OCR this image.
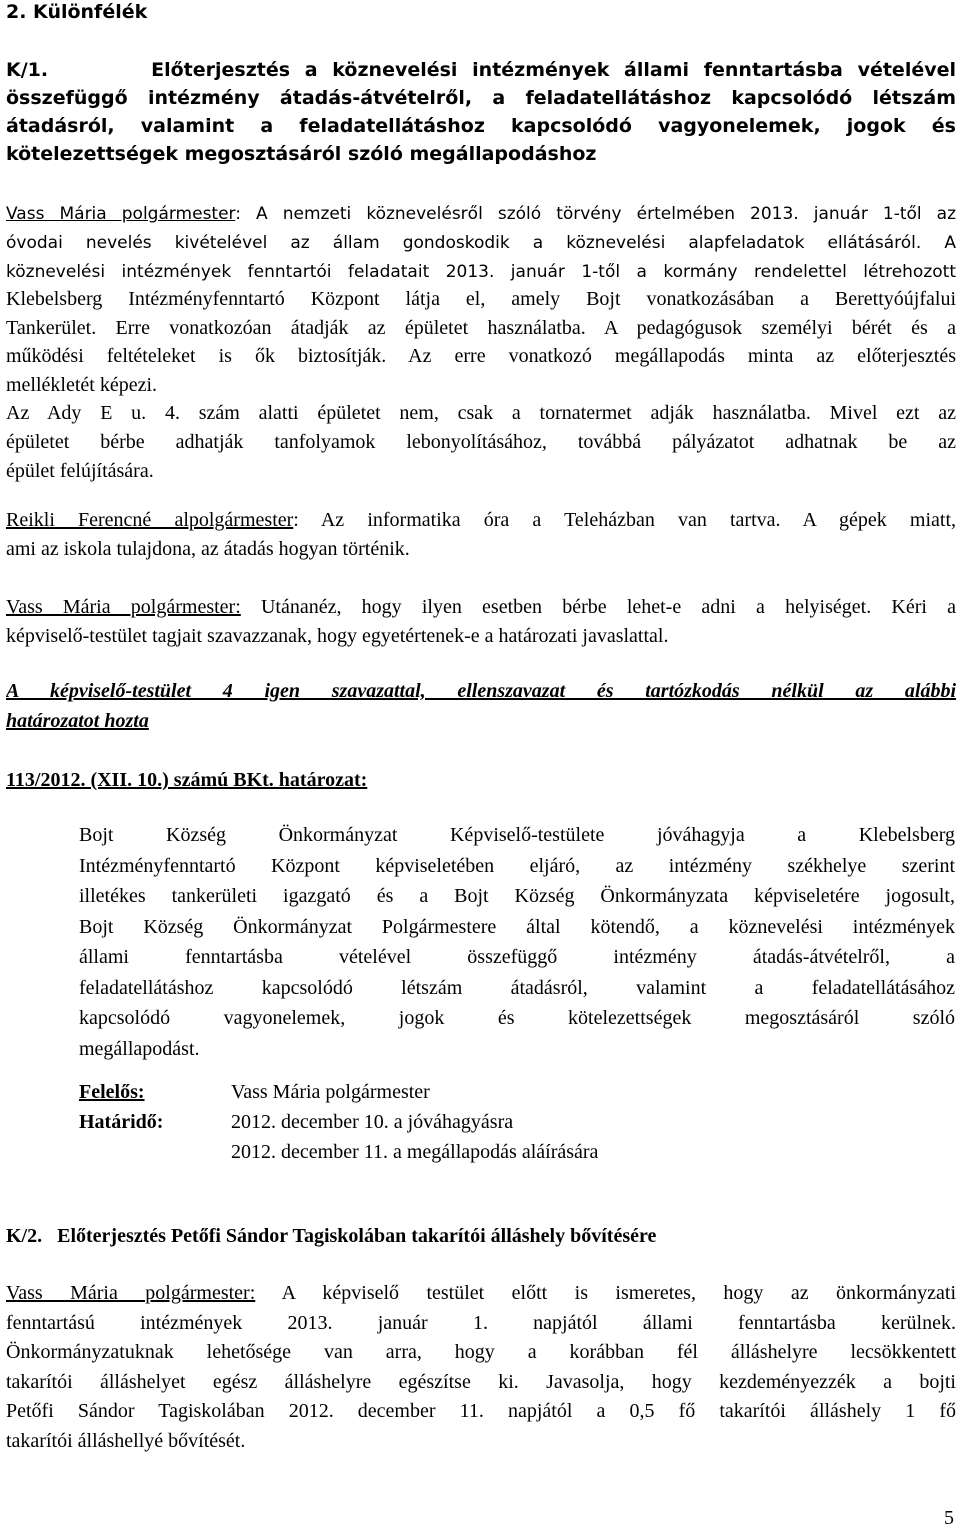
2. Különfélék
K/1.	Előterjesztés a köznevelési intézmények állami fenntartásba vételével
összefüggő intézmény átadás-átvételről, a feladatellátáshoz kapcsolódó létszám
átadásról, valamint a feladatellátáshoz kapcsolódó vagyonelemek, jogok és
kötelezettségek megosztásáról szóló megállapodáshoz
Vass Mária polgármester: A nemzeti köznevelésről szóló törvény értelmében 2013. január 1-től az
óvodai nevelés kivételével az állam gondoskodik a köznevelési alapfeladatok ellátásáról. A
köznevelési intézmények fenntartói feladatait 2013. január 1-től a kormány rendelettel létrehozott
Klebelsberg Intézményfenntartó Központ látja el, amely Bojt vonatkozásában a Berettyóújfalui
Tankerület. Erre vonatkozóan átadják az épületet használatba. A pedagógusok személyi bérét és a
működési feltételeket is ők biztosítják. Az erre vonatkozó megállapodás minta az előterjesztés
mellékletét képezi.
Az Ady E u. 4. szám alatti épületet nem, csak a tornatermet adják használatba. Mivel ezt az
épületet bérbe adhatják tanfolyamok lebonyolításához, továbbá pályázatot adhatnak be az
épület felújítására.
Reikli Ferencné alpolgármester: Az informatika óra a Teleházban van tartva. A gépek miatt,
ami az iskola tulajdona, az átadás hogyan történik.
Vass Mária polgármester: Utánanéz, hogy ilyen esetben bérbe lehet-e adni a helyiséget. Kéri a
képviselő-testület tagjait szavazzanak, hogy egyetértenek-e a határozati javaslattal.
A képviselő-testület 4 igen szavazattal, ellenszavazat és tartózkodás nélkül az alábbi
határozatot hozta
113/2012. (XII. 10.) számú BKt. határozat:
Bojt Község Önkormányzat Képviselő-testülete jóváhagyja a Klebelsberg
Intézményfenntartó Központ képviseletében eljáró, az intézmény székhelye szerint
illetékes tankerületi igazgató és a Bojt Község Önkormányzata képviseletére jogosult,
Bojt Község Önkormányzat Polgármestere által kötendő, a köznevelési intézmények
állami fenntartásba vételével összefüggő intézmény átadás-átvételről, a
feladatellátáshoz kapcsolódó létszám átadásról, valamint a feladatellátásához
kapcsolódó vagyonelemek, jogok és kötelezettségek megosztásáról szóló
megállapodást.
Felelős:	Vass Mária polgármester
Határidő:	2012. december 10. a jóváhagyásra
2012. december 11. a megállapodás aláírására
K/2. Előterjesztés Petőfi Sándor Tagiskolában takarítói álláshely bővítésére
Vass Mária polgármester: A képviselő testület előtt is ismeretes, hogy az önkormányzati
fenntartású intézmények 2013. január 1. napjától állami fenntartásba kerülnek.
Önkormányzatuknak lehetősége van arra, hogy a korábban fél álláshelyre lecsökkentett
takarítói álláshelyet egész álláshelyre egészítse ki. Javasolja, hogy kezdeményezzék a bojti
Petőfi Sándor Tagiskolában 2012. december 11. napjától a 0,5 fő takarítói álláshely 1 fő
takarítói álláshellyé bővítését.
5
